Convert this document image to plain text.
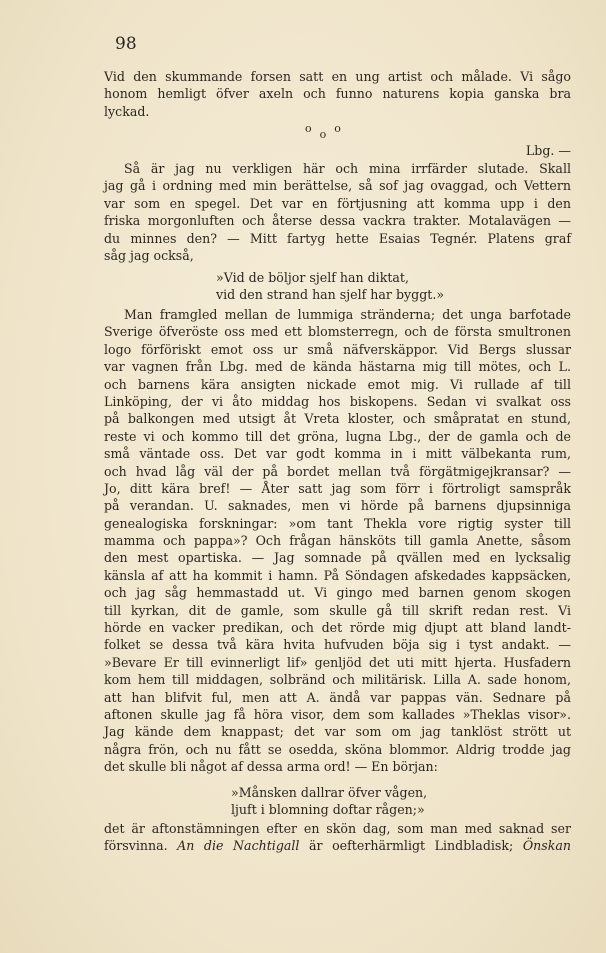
98
Vid den skummande forsen satt en ung artist och målade. Vi sågo
honom hemligt öfver axeln och funno naturens kopia ganska bra
lyckad.
ooo
Lbg. —
Så är jag nu verkligen här och mina irrfärder slutade. Skall
jag gå i ordning med min berättelse, så sof jag ovaggad, och Vettern
var som en spegel. Det var en förtjusning att komma upp i den
friska morgonluften och återse dessa vackra trakter. Motalavägen —
du minnes den? — Mitt fartyg hette Esaias Tegnér. Platens graf
såg jag också,
»Vid de böljor sjelf han diktat,
vid den strand han sjelf har byggt.»
Man framgled mellan de lummiga stränderna; det unga barfotade
Sverige öfveröste oss med ett blomsterregn, och de första smultronen
logo förföriskt emot oss ur små näfverskäppor. Vid Bergs slussar
var vagnen från Lbg. med de kända hästarna mig till mötes, och L.
och barnens kära ansigten nickade emot mig. Vi rullade af till
Linköping, der vi åto middag hos biskopens. Sedan vi svalkat oss
på balkongen med utsigt åt Vreta kloster, och småpratat en stund,
reste vi och kommo till det gröna, lugna Lbg., der de gamla och de
små väntade oss. Det var godt komma in i mitt välbekanta rum,
och hvad låg väl der på bordet mellan två förgätmigejkransar? —
Jo, ditt kära bref! — Åter satt jag som förr i förtroligt samspråk
på verandan. U. saknades, men vi hörde på barnens djupsinniga
genealogiska forskningar: »om tant Thekla vore rigtig syster till
mamma och pappa»? Och frågan hänsköts till gamla Anette, såsom
den mest opartiska. — Jag somnade på qvällen med en lycksalig
känsla af att ha kommit i hamn. På Söndagen afskedades kappsäcken,
och jag såg hemmastadd ut. Vi gingo med barnen genom skogen
till kyrkan, dit de gamle, som skulle gå till skrift redan rest. Vi
hörde en vacker predikan, och det rörde mig djupt att bland landt-
folket se dessa två kära hvita hufvuden böja sig i tyst andakt. —
»Bevare Er till evinnerligt lif» genljöd det uti mitt hjerta. Husfadern
kom hem till middagen, solbränd och militärisk. Lilla A. sade honom,
att han blifvit ful, men att A. ändå var pappas vän. Sednare på
aftonen skulle jag få höra visor, dem som kallades »Theklas visor».
Jag kände dem knappast; det var som om jag tanklöst strött ut
några frön, och nu fått se osedda, sköna blommor. Aldrig trodde jag
det skulle bli något af dessa arma ord! — En början:
»Månsken dallrar öfver vågen,
ljuft i blomning doftar rågen;»
det är aftonstämningen efter en skön dag, som man med saknad ser
försvinna. An die Nachtigall är oefterhärmligt Lindbladisk; Önskan
